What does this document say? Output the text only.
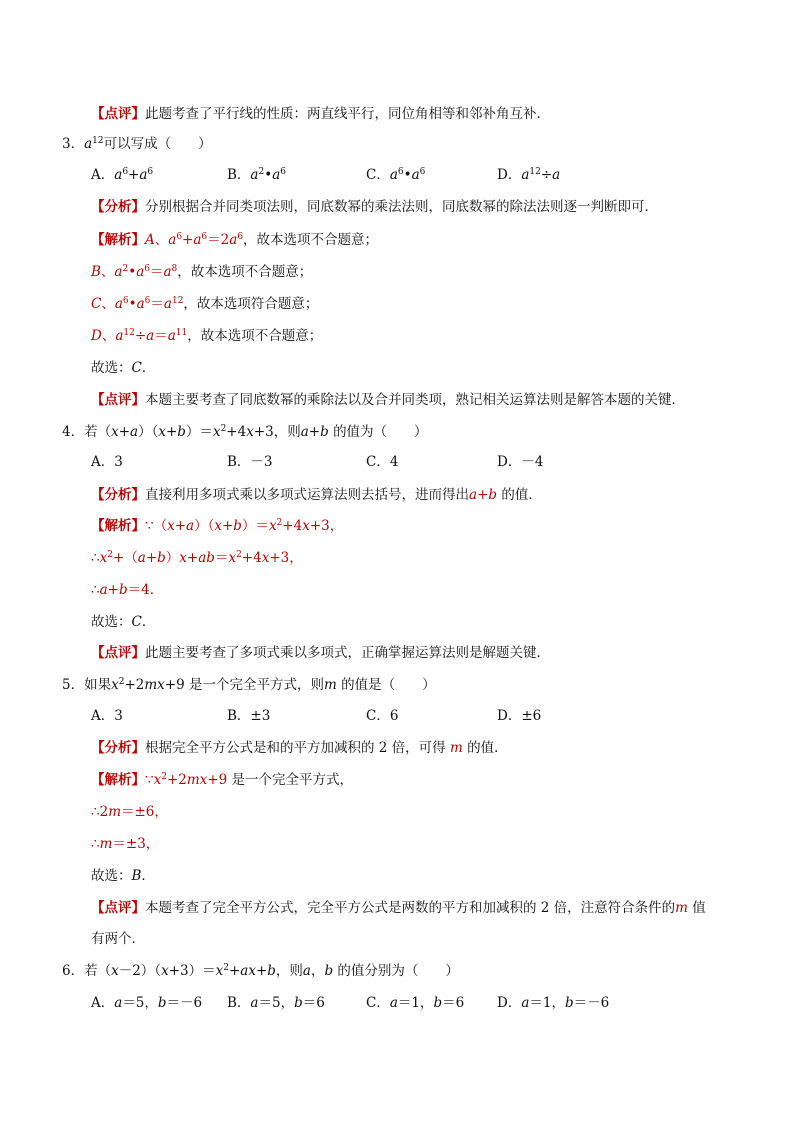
【点评】此题考查了平行线的性质：两直线平行，同位角相等和邻补角互补．
3．$a^{12}$可以写成（　　）
A．$a^6+a^6$	B．$a^2•a^6$	C．$a^6•a^6$	D．$a^{12}\div a$
【分析】分别根据合并同类项法则，同底数幂的乘法法则，同底数幂的除法法则逐一判断即可．
【解析】A、$a^6+a^6=2a^6$，故本选项不合题意；
B、$a^2•a^6=a^8$，故本选项不合题意；
C、$a^6•a^6=a^{12}$，故本选项符合题意；
D、$a^{12}\div a=a^{11}$，故本选项不合题意；
故选：C．
【点评】本题主要考查了同底数幂的乘除法以及合并同类项，熟记相关运算法则是解答本题的关键．
4．若$(x+a)(x+b)=x^2+4x+3$，则a+b 的值为（　　）
A．3	B．－3	C．4	D．－4
【分析】直接利用多项式乘以多项式运算法则去括号，进而得出a+b 的值．
【解析】$\because(x+a)(x+b)=x^2+4x+3$，
$\therefore x^2+(a+b)x+ab=x^2+4x+3$，
∴a+b＝4．
故选：C．
【点评】此题主要考查了多项式乘以多项式，正确掌握运算法则是解题关键．
5．如果$x^2+2mx+9$ 是一个完全平方式，则m 的值是（　　）
A．3	B．±3	C．6	D．±6
【分析】根据完全平方公式是和的平方加减积的 2 倍，可得 m 的值．
【解析】$\because x^2+2mx+9$ 是一个完全平方式，
∴2m＝±6，
∴m＝±3，
故选：B．
【点评】本题考查了完全平方公式，完全平方公式是两数的平方和加减积的 2 倍，注意符合条件的m 值
有两个．
6．若$(x-2)(x+3)=x^2+ax+b$，则a，b 的值分别为（　　）
A．a＝5，b＝－6 B．a＝5，b＝6	C．a＝1，b＝6 D．a＝1，b＝－6
